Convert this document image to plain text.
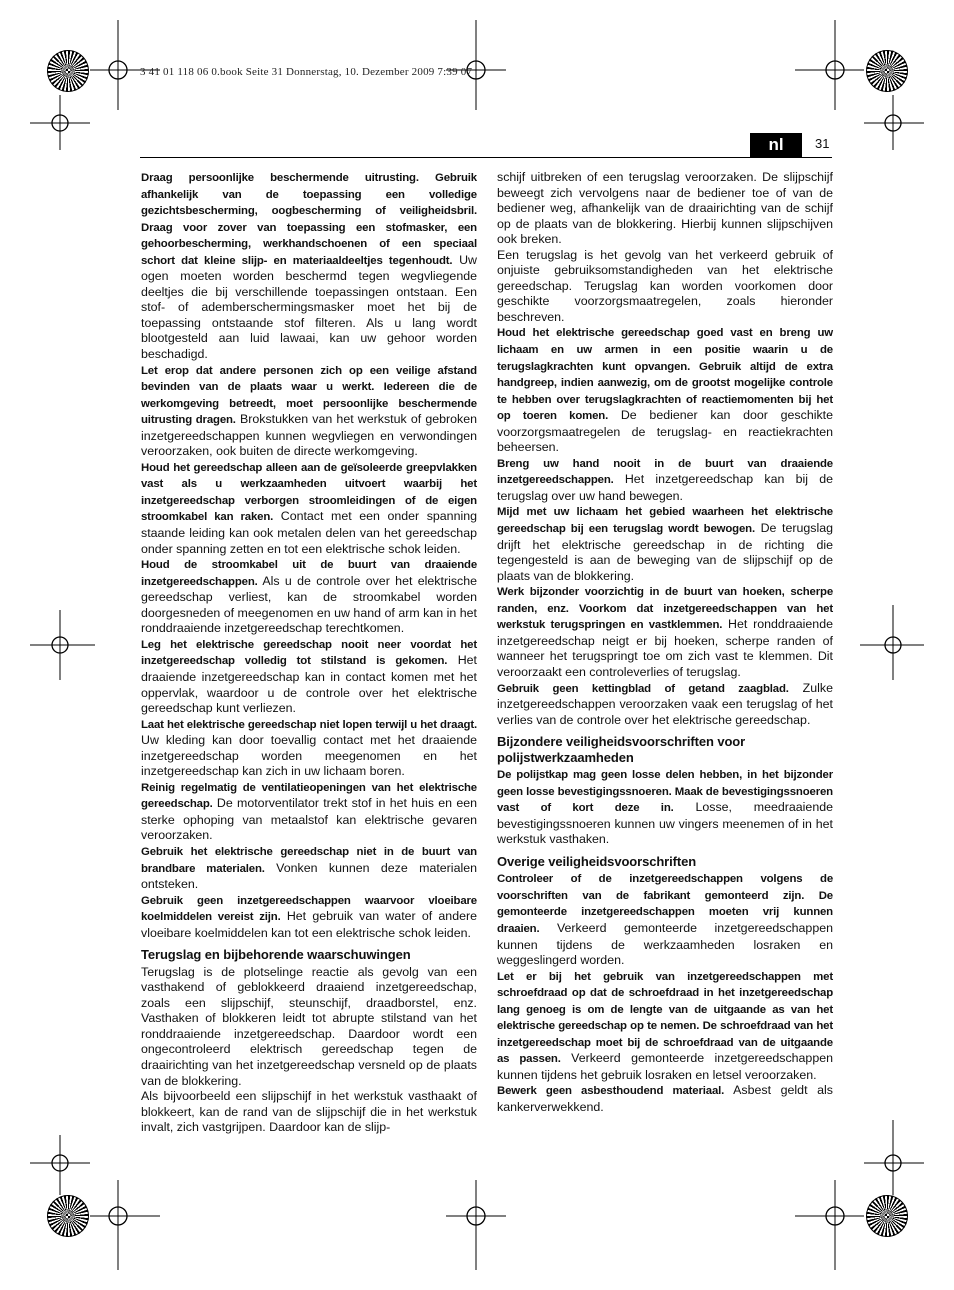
3 41 01 118 06 0.book Seite 31 Donnerstag, 10. Dezember 2009 7:39 07
nl	31

Draag persoonlijke beschermende uitrusting. Gebruik afhankelijk van de toepassing een volledige gezichtsbescherming, oogbescherming of veiligheidsbril. Draag voor zover van toepassing een stofmasker, een gehoorbescherming, werkhandschoenen of een speciaal schort dat kleine slijp- en materiaaldeeltjes tegenhoudt. Uw ogen moeten worden beschermd tegen wegvliegende deeltjes die bij verschillende toepassingen ontstaan. Een stof- of ademberschermingsmasker moet het bij de toepassing ontstaande stof filteren. Als u lang wordt blootgesteld aan luid lawaai, kan uw gehoor worden beschadigd.

Let erop dat andere personen zich op een veilige afstand bevinden van de plaats waar u werkt. Iedereen die de werkomgeving betreedt, moet persoonlijke beschermende uitrusting dragen. Brokstukken van het werkstuk of gebroken inzetgereedschappen kunnen wegvliegen en verwondingen veroorzaken, ook buiten de directe werkomgeving.

Houd het gereedschap alleen aan de geïsoleerde greepvlakken vast als u werkzaamheden uitvoert waarbij het inzetgereedschap verborgen stroomleidingen of de eigen stroomkabel kan raken. Contact met een onder spanning staande leiding kan ook metalen delen van het gereedschap onder spanning zetten en tot een elektrische schok leiden.

Houd de stroomkabel uit de buurt van draaiende inzetgereedschappen. Als u de controle over het elektrische gereedschap verliest, kan de stroomkabel worden doorgesneden of meegenomen en uw hand of arm kan in het ronddraaiende inzetgereedschap terechtkomen.

Leg het elektrische gereedschap nooit neer voordat het inzetgereedschap volledig tot stilstand is gekomen. Het draaiende inzetgereedschap kan in contact komen met het oppervlak, waardoor u de controle over het elektrische gereedschap kunt verliezen.

Laat het elektrische gereedschap niet lopen terwijl u het draagt. Uw kleding kan door toevallig contact met het draaiende inzetgereedschap worden meegenomen en het inzetgereedschap kan zich in uw lichaam boren.

Reinig regelmatig de ventilatieopeningen van het elektrische gereedschap. De motorventilator trekt stof in het huis en een sterke ophoping van metaalstof kan elektrische gevaren veroorzaken.

Gebruik het elektrische gereedschap niet in de buurt van brandbare materialen. Vonken kunnen deze materialen ontsteken.

Gebruik geen inzetgereedschappen waarvoor vloeibare koelmiddelen vereist zijn. Het gebruik van water of andere vloeibare koelmiddelen kan tot een elektrische schok leiden.

Terugslag en bijbehorende waarschuwingen

Terugslag is de plotselinge reactie als gevolg van een vasthakend of geblokkeerd draaiend inzetgereedschap, zoals een slijpschijf, steunschijf, draadborstel, enz. Vasthaken of blokkeren leidt tot abrupte stilstand van het ronddraaiende inzetgereedschap. Daardoor wordt een ongecontroleerd elektrisch gereedschap tegen de draairichting van het inzetgereedschap versneld op de plaats van de blokkering.

Als bijvoorbeeld een slijpschijf in het werkstuk vasthaakt of blokkeert, kan de rand van de slijpschijf die in het werkstuk invalt, zich vastgrijpen. Daardoor kan de slijp-

schijf uitbreken of een terugslag veroorzaken. De slijpschijf beweegt zich vervolgens naar de bediener toe of van de bediener weg, afhankelijk van de draairichting van de schijf op de plaats van de blokkering. Hierbij kunnen slijpschijven ook breken.

Een terugslag is het gevolg van het verkeerd gebruik of onjuiste gebruiksomstandigheden van het elektrische gereedschap. Terugslag kan worden voorkomen door geschikte voorzorgsmaatregelen, zoals hieronder beschreven.

Houd het elektrische gereedschap goed vast en breng uw lichaam en uw armen in een positie waarin u de terugslagkrachten kunt opvangen. Gebruik altijd de extra handgreep, indien aanwezig, om de grootst mogelijke controle te hebben over terugslagkrachten of reactiemomenten bij het op toeren komen. De bediener kan door geschikte voorzorgsmaatregelen de terugslag- en reactiekrachten beheersen.

Breng uw hand nooit in de buurt van draaiende inzetgereedschappen. Het inzetgereedschap kan bij de terugslag over uw hand bewegen.

Mijd met uw lichaam het gebied waarheen het elektrische gereedschap bij een terugslag wordt bewogen. De terugslag drijft het elektrische gereedschap in de richting die tegengesteld is aan de beweging van de slijpschijf op de plaats van de blokkering.

Werk bijzonder voorzichtig in de buurt van hoeken, scherpe randen, enz. Voorkom dat inzetgereedschappen van het werkstuk terugspringen en vastklemmen. Het ronddraaiende inzetgereedschap neigt er bij hoeken, scherpe randen of wanneer het terugspringt toe om zich vast te klemmen. Dit veroorzaakt een controleverlies of terugslag.

Gebruik geen kettingblad of getand zaagblad. Zulke inzetgereedschappen veroorzaken vaak een terugslag of het verlies van de controle over het elektrische gereedschap.

Bijzondere veiligheidsvoorschriften voor polijstwerkzaamheden

De polijstkap mag geen losse delen hebben, in het bijzonder geen losse bevestigingssnoeren. Maak de bevestigingssnoeren vast of kort deze in. Losse, meedraaiende bevestigingssnoeren kunnen uw vingers meenemen of in het werkstuk vasthaken.

Overige veiligheidsvoorschriften

Controleer of de inzetgereedschappen volgens de voorschriften van de fabrikant gemonteerd zijn. De gemonteerde inzetgereedschappen moeten vrij kunnen draaien. Verkeerd gemonteerde inzetgereedschappen kunnen tijdens de werkzaamheden losraken en weggeslingerd worden.

Let er bij het gebruik van inzetgereedschappen met schroefdraad op dat de schroefdraad in het inzetgereedschap lang genoeg is om de lengte van de uitgaande as van het elektrische gereedschap op te nemen. De schroefdraad van het inzetgereedschap moet bij de schroefdraad van de uitgaande as passen. Verkeerd gemonteerde inzetgereedschappen kunnen tijdens het gebruik losraken en letsel veroorzaken.

Bewerk geen asbesthoudend materiaal. Asbest geldt als kankerverwekkend.
